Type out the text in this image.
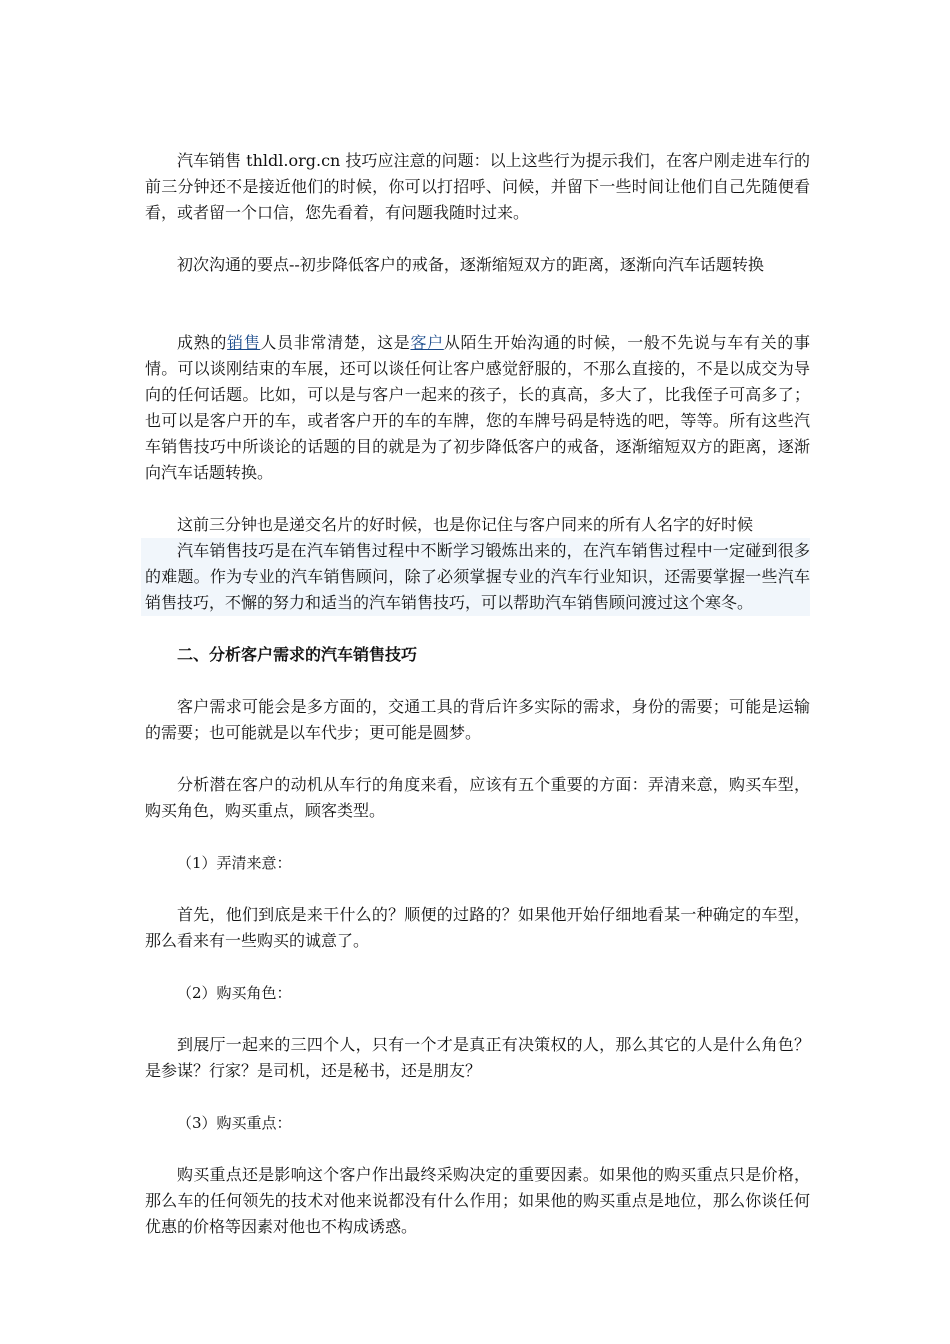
汽车销售 thldl.org.cn 技巧应注意的问题：以上这些行为提示我们，在客户刚走进车行的前三分钟还不是接近他们的时候，你可以打招呼、问候，并留下一些时间让他们自己先随便看看，或者留一个口信，您先看着，有问题我随时过来。

初次沟通的要点--初步降低客户的戒备，逐渐缩短双方的距离，逐渐向汽车话题转换

成熟的销售人员非常清楚，这是客户从陌生开始沟通的时候，一般不先说与车有关的事情。可以谈刚结束的车展，还可以谈任何让客户感觉舒服的，不那么直接的，不是以成交为导向的任何话题。比如，可以是与客户一起来的孩子，长的真高，多大了，比我侄子可高多了；也可以是客户开的车，或者客户开的车的车牌，您的车牌号码是特选的吧，等等。所有这些汽车销售技巧中所谈论的话题的目的就是为了初步降低客户的戒备，逐渐缩短双方的距离，逐渐向汽车话题转换。

这前三分钟也是递交名片的好时候，也是你记住与客户同来的所有人名字的好时候

汽车销售技巧是在汽车销售过程中不断学习锻炼出来的，在汽车销售过程中一定碰到很多的难题。作为专业的汽车销售顾问，除了必须掌握专业的汽车行业知识，还需要掌握一些汽车销售技巧，不懈的努力和适当的汽车销售技巧，可以帮助汽车销售顾问渡过这个寒冬。

二、分析客户需求的汽车销售技巧

客户需求可能会是多方面的，交通工具的背后许多实际的需求，身份的需要；可能是运输的需要；也可能就是以车代步；更可能是圆梦。

分析潜在客户的动机从车行的角度来看，应该有五个重要的方面：弄清来意，购买车型，购买角色，购买重点，顾客类型。

（1）弄清来意：

首先，他们到底是来干什么的？顺便的过路的？如果他开始仔细地看某一种确定的车型，那么看来有一些购买的诚意了。

（2）购买角色：

到展厅一起来的三四个人，只有一个才是真正有决策权的人，那么其它的人是什么角色？是参谋？行家？是司机，还是秘书，还是朋友？

（3）购买重点：

购买重点还是影响这个客户作出最终采购决定的重要因素。如果他的购买重点只是价格，那么车的任何领先的技术对他来说都没有什么作用；如果他的购买重点是地位，那么你谈任何优惠的价格等因素对他也不构成诱惑。
